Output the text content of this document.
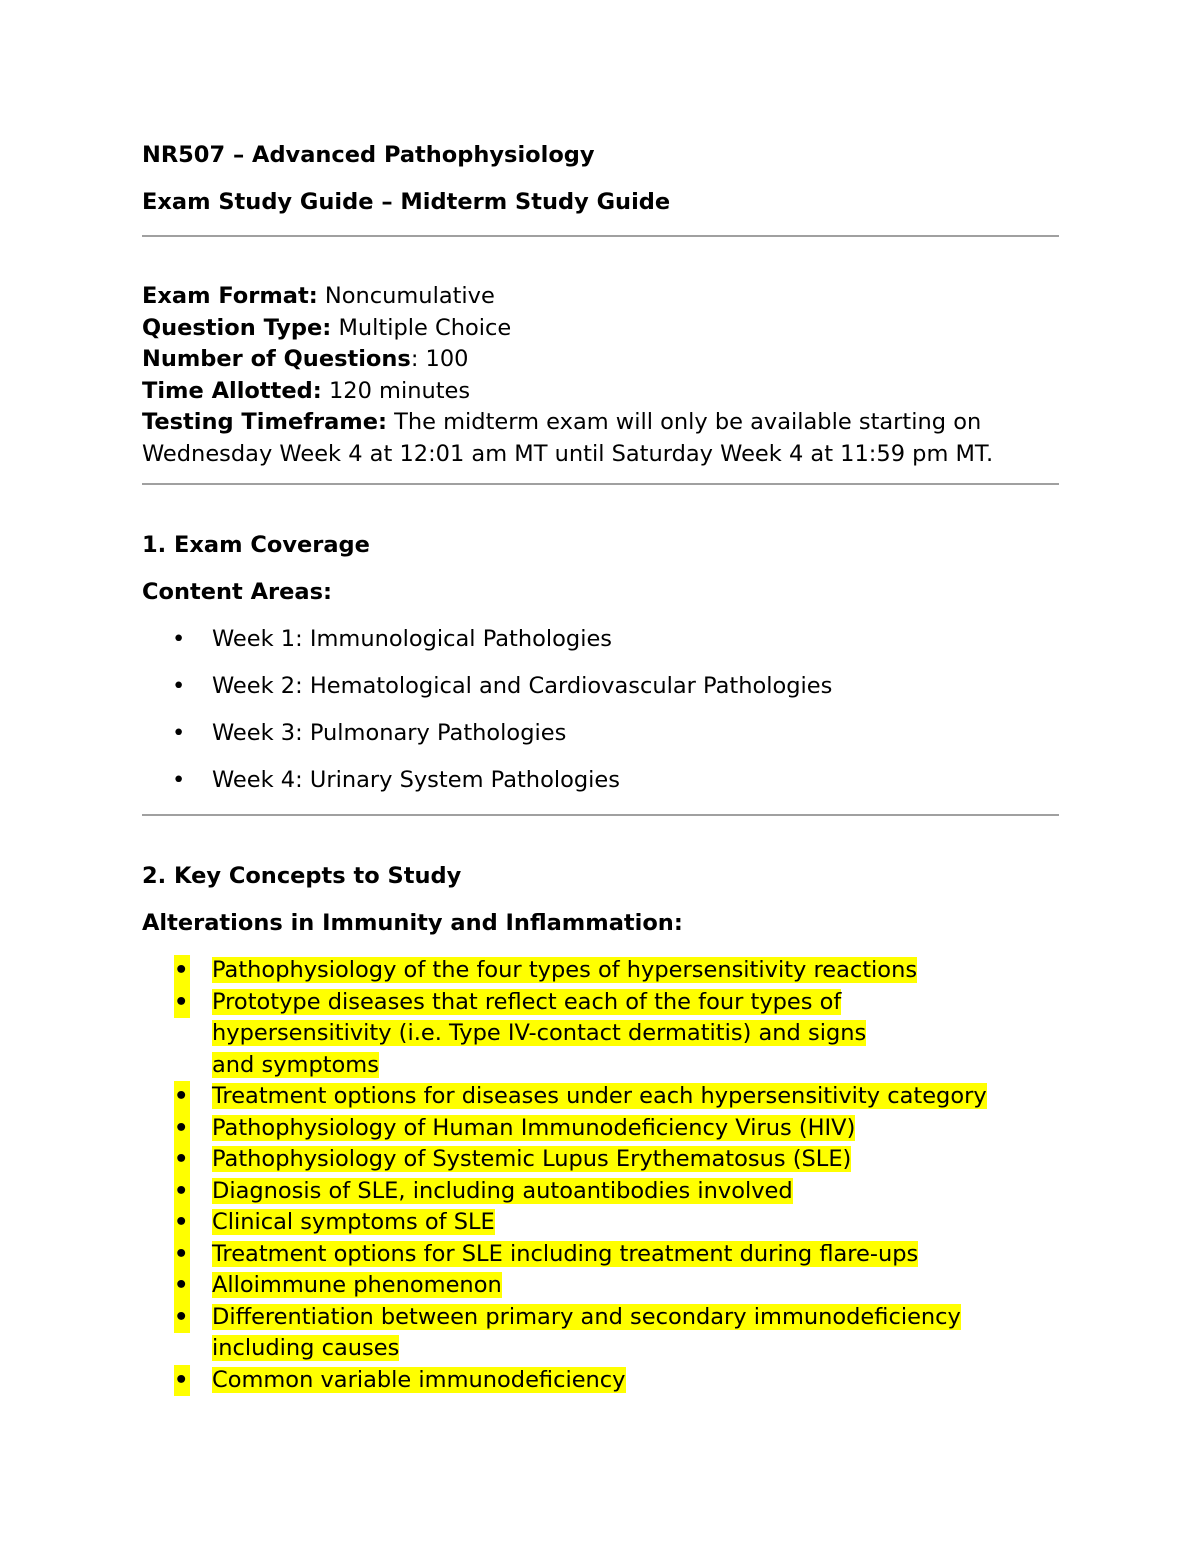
NR507 – Advanced Pathophysiology
Exam Study Guide – Midterm Study Guide
Exam Format: Noncumulative
Question Type: Multiple Choice
Number of Questions: 100
Time Allotted: 120 minutes
Testing Timeframe: The midterm exam will only be available starting on Wednesday Week 4 at 12:01 am MT until Saturday Week 4 at 11:59 pm MT.
1. Exam Coverage
Content Areas:
• Week 1: Immunological Pathologies
• Week 2: Hematological and Cardiovascular Pathologies
• Week 3: Pulmonary Pathologies
• Week 4: Urinary System Pathologies
2. Key Concepts to Study
Alterations in Immunity and Inflammation:
• Pathophysiology of the four types of hypersensitivity reactions
• Prototype diseases that reflect each of the four types of hypersensitivity (i.e. Type IV-contact dermatitis) and signs and symptoms
• Treatment options for diseases under each hypersensitivity category
• Pathophysiology of Human Immunodeficiency Virus (HIV)
• Pathophysiology of Systemic Lupus Erythematosus (SLE)
• Diagnosis of SLE, including autoantibodies involved
• Clinical symptoms of SLE
• Treatment options for SLE including treatment during flare-ups
• Alloimmune phenomenon
• Differentiation between primary and secondary immunodeficiency including causes
• Common variable immunodeficiency
